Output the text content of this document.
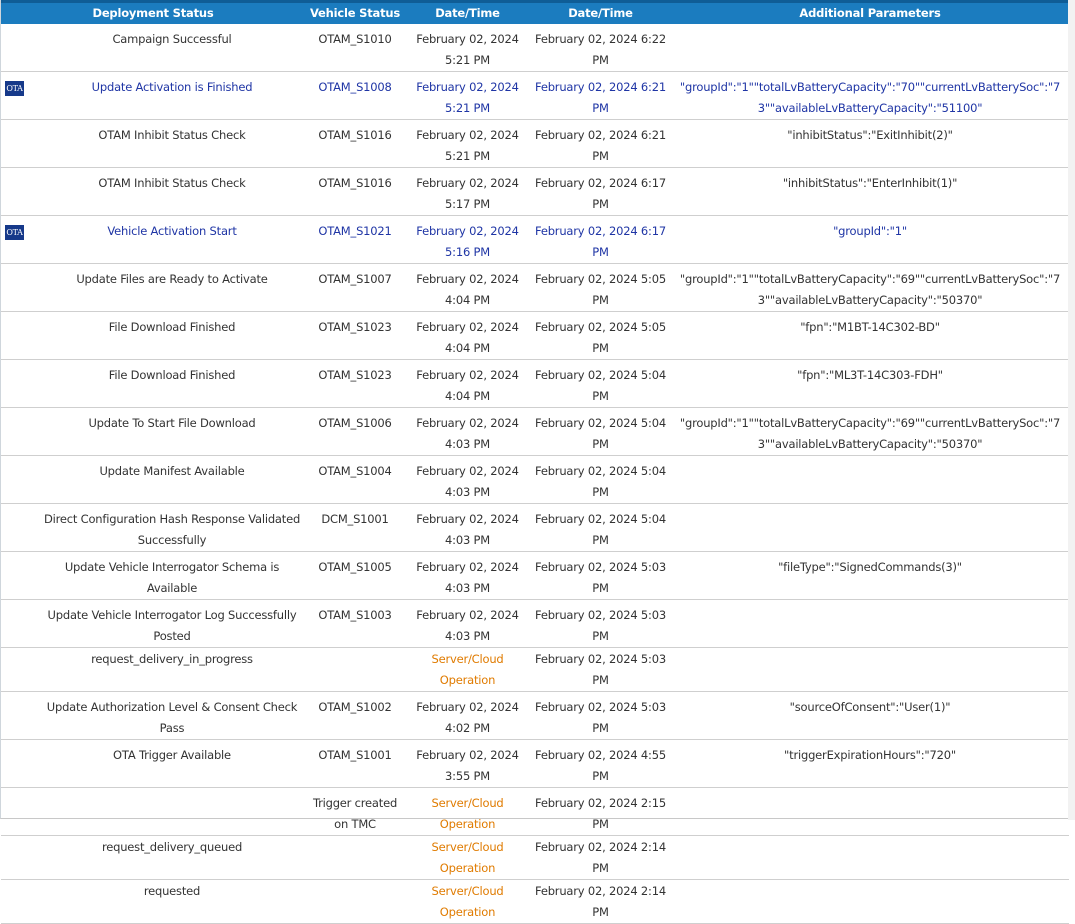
Deployment Status		Vehicle Status	Date/Time	Date/Time	Additional Parameters
	Campaign Successful	OTAM_S1010	February 02, 2024 5:21 PM	February 02, 2024 6:22 PM	
OTA	Update Activation is Finished	OTAM_S1008	February 02, 2024 5:21 PM	February 02, 2024 6:21 PM	"groupId":"1""totalLvBatteryCapacity":"70""currentLvBatterySoc":"73""availableLvBatteryCapacity":"51100"
	OTAM Inhibit Status Check	OTAM_S1016	February 02, 2024 5:21 PM	February 02, 2024 6:21 PM	"inhibitStatus":"ExitInhibit(2)"
	OTAM Inhibit Status Check	OTAM_S1016	February 02, 2024 5:17 PM	February 02, 2024 6:17 PM	"inhibitStatus":"EnterInhibit(1)"
OTA	Vehicle Activation Start	OTAM_S1021	February 02, 2024 5:16 PM	February 02, 2024 6:17 PM	"groupId":"1"
	Update Files are Ready to Activate	OTAM_S1007	February 02, 2024 4:04 PM	February 02, 2024 5:05 PM	"groupId":"1""totalLvBatteryCapacity":"69""currentLvBatterySoc":"73""availableLvBatteryCapacity":"50370"
	File Download Finished	OTAM_S1023	February 02, 2024 4:04 PM	February 02, 2024 5:05 PM	"fpn":"M1BT-14C302-BD"
	File Download Finished	OTAM_S1023	February 02, 2024 4:04 PM	February 02, 2024 5:04 PM	"fpn":"ML3T-14C303-FDH"
	Update To Start File Download	OTAM_S1006	February 02, 2024 4:03 PM	February 02, 2024 5:04 PM	"groupId":"1""totalLvBatteryCapacity":"69""currentLvBatterySoc":"73""availableLvBatteryCapacity":"50370"
	Update Manifest Available	OTAM_S1004	February 02, 2024 4:03 PM	February 02, 2024 5:04 PM	
	Direct Configuration Hash Response Validated Successfully	DCM_S1001	February 02, 2024 4:03 PM	February 02, 2024 5:04 PM	
	Update Vehicle Interrogator Schema is Available	OTAM_S1005	February 02, 2024 4:03 PM	February 02, 2024 5:03 PM	"fileType":"SignedCommands(3)"
	Update Vehicle Interrogator Log Successfully Posted	OTAM_S1003	February 02, 2024 4:03 PM	February 02, 2024 5:03 PM	
	request_delivery_in_progress		Server/Cloud Operation	February 02, 2024 5:03 PM	
	Update Authorization Level & Consent Check Pass	OTAM_S1002	February 02, 2024 4:02 PM	February 02, 2024 5:03 PM	"sourceOfConsent":"User(1)"
	OTA Trigger Available	OTAM_S1001	February 02, 2024 3:55 PM	February 02, 2024 4:55 PM	"triggerExpirationHours":"720"
		Trigger created on TMC	Server/Cloud Operation	February 02, 2024 2:15 PM	
	request_delivery_queued		Server/Cloud Operation	February 02, 2024 2:14 PM	
	requested		Server/Cloud Operation	February 02, 2024 2:14 PM	
